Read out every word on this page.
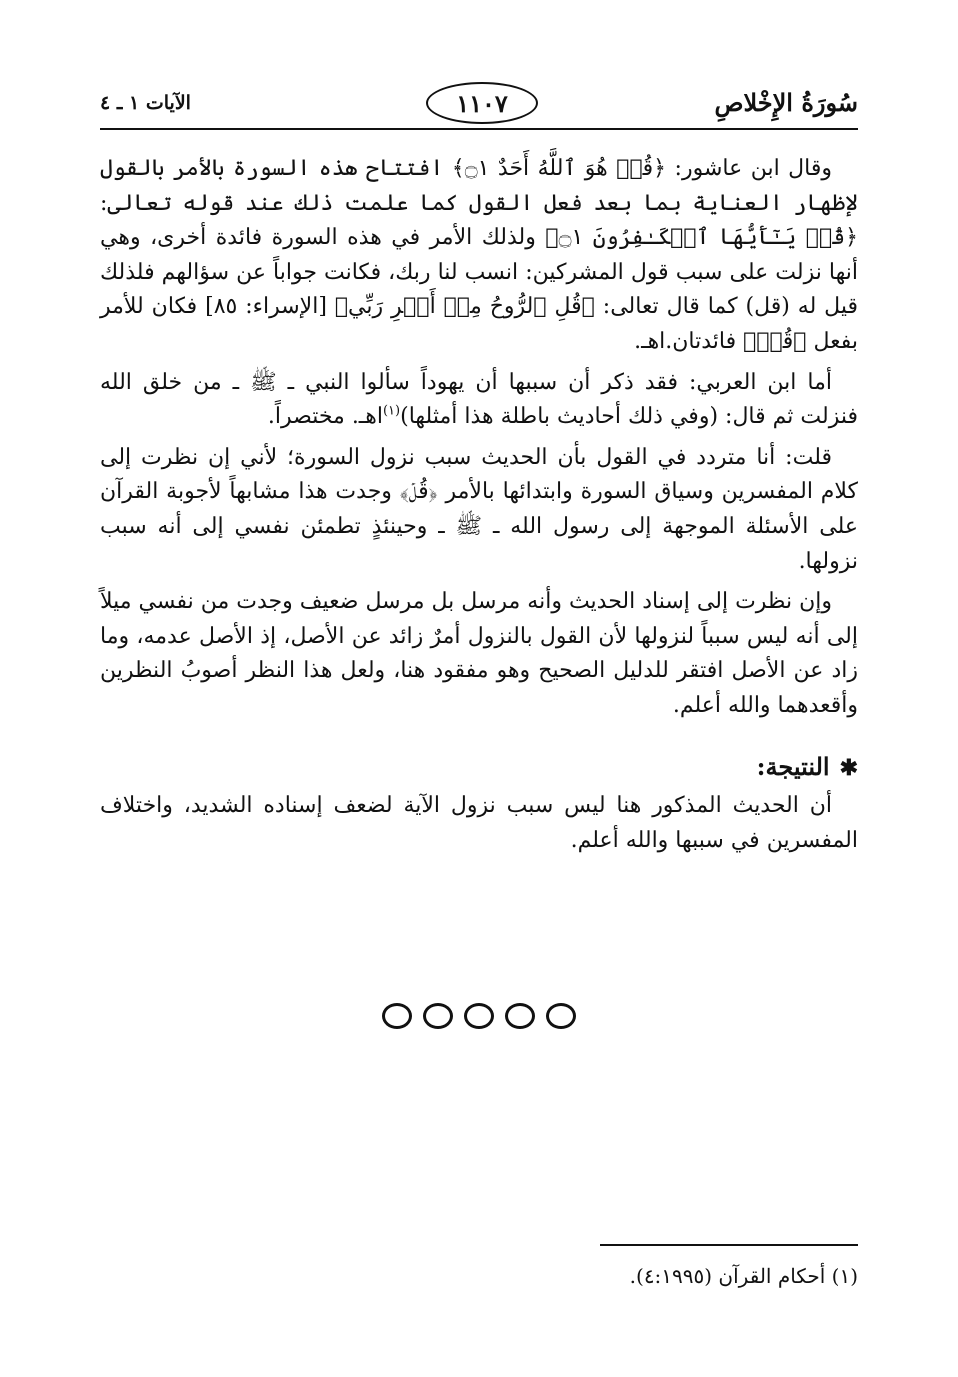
سُورَةُ الإِخْلاصِ
١١٠٧
الآيات ١ ـ ٤

وقال ابن عاشور: ﴿قُلۡ هُوَ ٱللَّهُ أَحَدٌ ۝١﴾ افتتاح هذه السورة بالأمر بالقول لإظهار العناية بما بعد فعل القول كما علمت ذلك عند قوله تعالى: ﴿قُلۡ يَـٰٓأَيُّهَا ٱلۡكَـٰفِرُونَ ۝١﴾ ولذلك الأمر في هذه السورة فائدة أخرى، وهي أنها نزلت على سبب قول المشركين: انسب لنا ربك، فكانت جواباً عن سؤالهم فلذلك قيل له (قل) كما قال تعالى: ﴿قُلِ ٱلرُّوحُ مِنۡ أَمۡرِ رَبِّي﴾ [الإسراء: ٨٥] فكان للأمر بفعل ﴿قُلۡ﴾ فائدتان.اهـ.

أما ابن العربي: فقد ذكر أن سببها أن يهوداً سألوا النبي ـ ﷺ ـ من خلق الله فنزلت ثم قال: (وفي ذلك أحاديث باطلة هذا أمثلها)$^{(١)}$اهـ. مختصراً.

قلت: أنا متردد في القول بأن الحديث سبب نزول السورة؛ لأني إن نظرت إلى كلام المفسرين وسياق السورة وابتدائها بالأمر ﴿قُلۡ﴾ وجدت هذا مشابهاً لأجوبة القرآن على الأسئلة الموجهة إلى رسول الله ـ ﷺ ـ وحينئذٍ تطمئن نفسي إلى أنه سبب نزولها.

وإن نظرت إلى إسناد الحديث وأنه مرسل بل مرسل ضعيف وجدت من نفسي ميلاً إلى أنه ليس سبباً لنزولها لأن القول بالنزول أمرٌ زائد عن الأصل، إذ الأصل عدمه، وما زاد عن الأصل افتقر للدليل الصحيح وهو مفقود هنا، ولعل هذا النظر أصوبُ النظرين وأقعدهما والله أعلم.

✱النتيجة:

أن الحديث المذكور هنا ليس سبب نزول الآية لضعف إسناده الشديد، واختلاف المفسرين في سببها والله أعلم.

(١) أحكام القرآن (٤:١٩٩٥).
